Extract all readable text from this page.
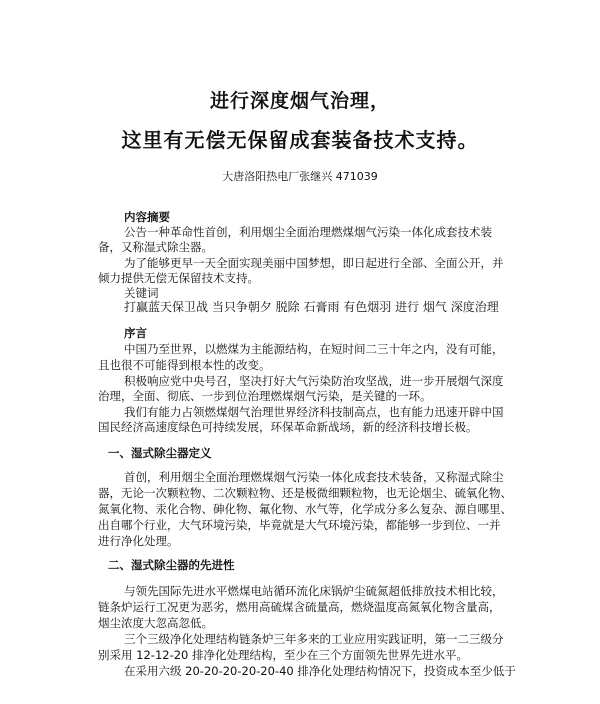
进行深度烟气治理，
这里有无偿无保留成套装备技术支持。
大唐洛阳热电厂张继兴 471039
内容摘要
公告一种革命性首创，利用烟尘全面治理燃煤烟气污染一体化成套技术装
备，又称湿式除尘器。
为了能够更早一天全面实现美丽中国梦想，即日起进行全部、全面公开，并
倾力提供无偿无保留技术支持。
关键词
打赢蓝天保卫战 当只争朝夕 脱除 石膏雨 有色烟羽 进行 烟气 深度治理
序言
中国乃至世界，以燃煤为主能源结构，在短时间二三十年之内，没有可能，
且也很不可能得到根本性的改变。
积极响应党中央号召，坚决打好大气污染防治攻坚战，进一步开展烟气深度
治理，全面、彻底、一步到位治理燃煤烟气污染，是关键的一环。
我们有能力占领燃煤烟气治理世界经济科技制高点，也有能力迅速开辟中国
国民经济高速度绿色可持续发展，环保革命新战场，新的经济科技增长极。
一、湿式除尘器定义
首创，利用烟尘全面治理燃煤烟气污染一体化成套技术装备，又称湿式除尘
器，无论一次颗粒物、二次颗粒物、还是极微细颗粒物，也无论烟尘、硫氧化物、
氮氧化物、汞化合物、砷化物、氟化物、水气等，化学成分多么复杂、源自哪里、
出自哪个行业，大气环境污染，毕竟就是大气环境污染，都能够一步到位、一并
进行净化处理。
二、湿式除尘器的先进性
与领先国际先进水平燃煤电站循环流化床锅炉尘硫氮超低排放技术相比较，
链条炉运行工况更为恶劣，燃用高硫煤含硫量高，燃烧温度高氮氧化物含量高，
烟尘浓度大忽高忽低。
三个三级净化处理结构链条炉三年多来的工业应用实践证明，第一二三级分
别采用 12-12-20 排净化处理结构，至少在三个方面领先世界先进水平。
在采用六级 20-20-20-20-20-40 排净化处理结构情况下，投资成本至少低于
